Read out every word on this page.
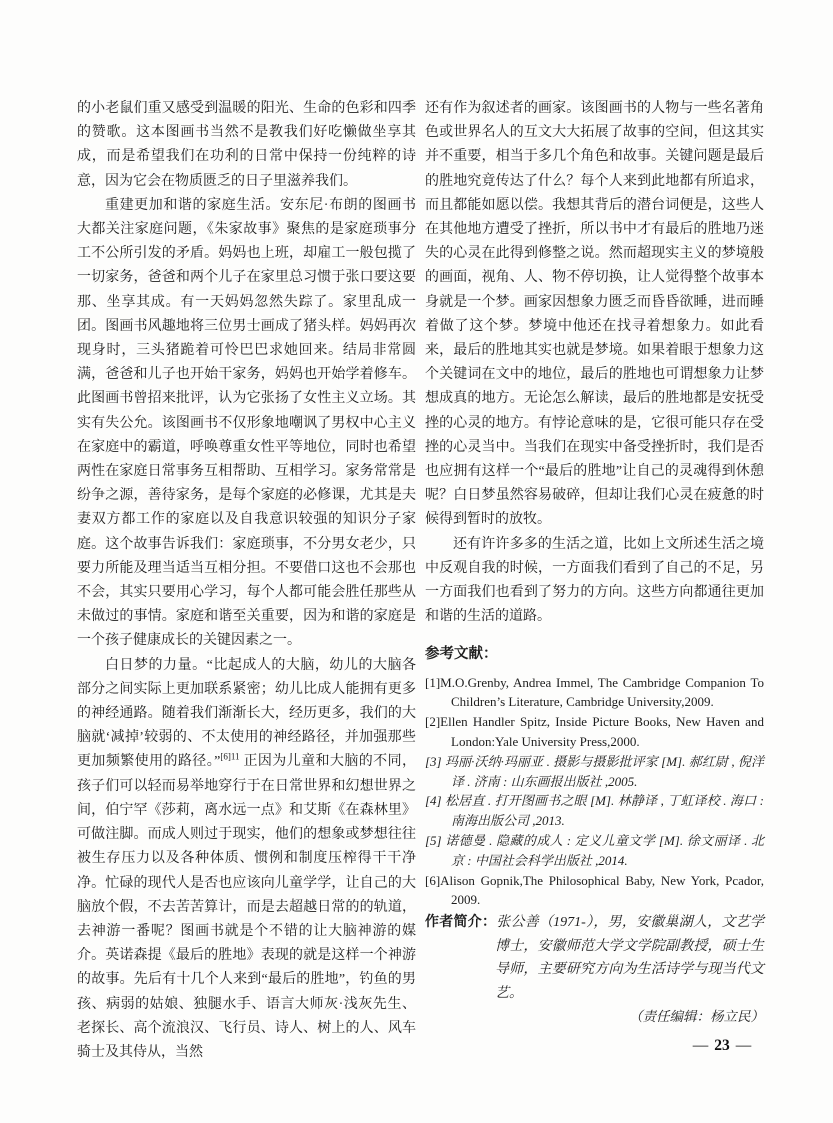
的小老鼠们重又感受到温暖的阳光、生命的色彩和四季的赞歌。这本图画书当然不是教我们好吃懒做坐享其成，而是希望我们在功利的日常中保持一份纯粹的诗意，因为它会在物质匮乏的日子里滋养我们。

重建更加和谐的家庭生活。安东尼·布朗的图画书大都关注家庭问题，《朱家故事》聚焦的是家庭琐事分工不公所引发的矛盾。妈妈也上班，却雇工一般包揽了一切家务，爸爸和两个儿子在家里总习惯于张口要这要那、坐享其成。有一天妈妈忽然失踪了。家里乱成一团。图画书风趣地将三位男士画成了猪头样。妈妈再次现身时，三头猪跪着可怜巴巴求她回来。结局非常圆满，爸爸和儿子也开始干家务，妈妈也开始学着修车。此图画书曾招来批评，认为它张扬了女性主义立场。其实有失公允。该图画书不仅形象地嘲讽了男权中心主义在家庭中的霸道，呼唤尊重女性平等地位，同时也希望两性在家庭日常事务互相帮助、互相学习。家务常常是纷争之源，善待家务，是每个家庭的必修课，尤其是夫妻双方都工作的家庭以及自我意识较强的知识分子家庭。这个故事告诉我们：家庭琐事，不分男女老少，只要力所能及理当适当互相分担。不要借口这也不会那也不会，其实只要用心学习，每个人都可能会胜任那些从未做过的事情。家庭和谐至关重要，因为和谐的家庭是一个孩子健康成长的关键因素之一。

白日梦的力量。“比起成人的大脑，幼儿的大脑各部分之间实际上更加联系紧密；幼儿比成人能拥有更多的神经通路。随着我们渐渐长大，经历更多，我们的大脑就‘减掉’较弱的、不太使用的神经路径，并加强那些更加频繁使用的路径。”$^{[6]11}$ 正因为儿童和大脑的不同，孩子们可以轻而易举地穿行于在日常世界和幻想世界之间，伯宁罕《莎莉，离水远一点》和艾斯《在森林里》可做注脚。而成人则过于现实，他们的想象或梦想往往被生存压力以及各种体质、惯例和制度压榨得干干净净。忙碌的现代人是否也应该向儿童学学，让自己的大脑放个假，不去苦苦算计，而是去超越日常的的轨道，去神游一番呢？图画书就是个不错的让大脑神游的媒介。英诺森提《最后的胜地》表现的就是这样一个神游的故事。先后有十几个人来到“最后的胜地”，钓鱼的男孩、病弱的姑娘、独腿水手、语言大师灰·浅灰先生、老探长、高个流浪汉、飞行员、诗人、树上的人、风车骑士及其侍从，当然

还有作为叙述者的画家。该图画书的人物与一些名著角色或世界名人的互文大大拓展了故事的空间，但这其实并不重要，相当于多几个角色和故事。关键问题是最后的胜地究竟传达了什么？每个人来到此地都有所追求，而且都能如愿以偿。我想其背后的潜台词便是，这些人在其他地方遭受了挫折，所以书中才有最后的胜地乃迷失的心灵在此得到修整之说。然而超现实主义的梦境般的画面，视角、人、物不停切换，让人觉得整个故事本身就是一个梦。画家因想象力匮乏而昏昏欲睡，进而睡着做了这个梦。梦境中他还在找寻着想象力。如此看来，最后的胜地其实也就是梦境。如果着眼于想象力这个关键词在文中的地位，最后的胜地也可谓想象力让梦想成真的地方。无论怎么解读，最后的胜地都是安抚受挫的心灵的地方。有悖论意味的是，它很可能只存在受挫的心灵当中。当我们在现实中备受挫折时，我们是否也应拥有这样一个“最后的胜地”让自己的灵魂得到休憩呢？白日梦虽然容易破碎，但却让我们心灵在疲惫的时候得到暂时的放牧。

还有许许多多的生活之道，比如上文所述生活之境中反观自我的时候，一方面我们看到了自己的不足，另一方面我们也看到了努力的方向。这些方向都通往更加和谐的生活的道路。

参考文献：

[1]M.O.Grenby, Andrea Immel, The Cambridge Companion To Children’s Literature, Cambridge University,2009.

[2]Ellen Handler Spitz, Inside Picture Books, New Haven and London:Yale University Press,2000.

[3] 玛丽·沃纳·玛丽亚 . 摄影与摄影批评家 [M]. 郝红尉 , 倪洋译 . 济南 : 山东画报出版社 ,2005.

[4] 松居直 . 打开图画书之眼 [M]. 林静译 , 丁虹译校 . 海口 : 南海出版公司 ,2013.

[5] 诺德曼 . 隐藏的成人 : 定义儿童文学 [M]. 徐文丽译 . 北京 : 中国社会科学出版社 ,2014.

[6]Alison Gopnik,The Philosophical Baby, New York, Pcador, 2009.

作者简介：张公善（1971-），男，安徽巢湖人，文艺学博士，安徽师范大学文学院副教授，硕士生导师，主要研究方向为生活诗学与现当代文艺。

（责任编辑：杨立民）

— 23 —
